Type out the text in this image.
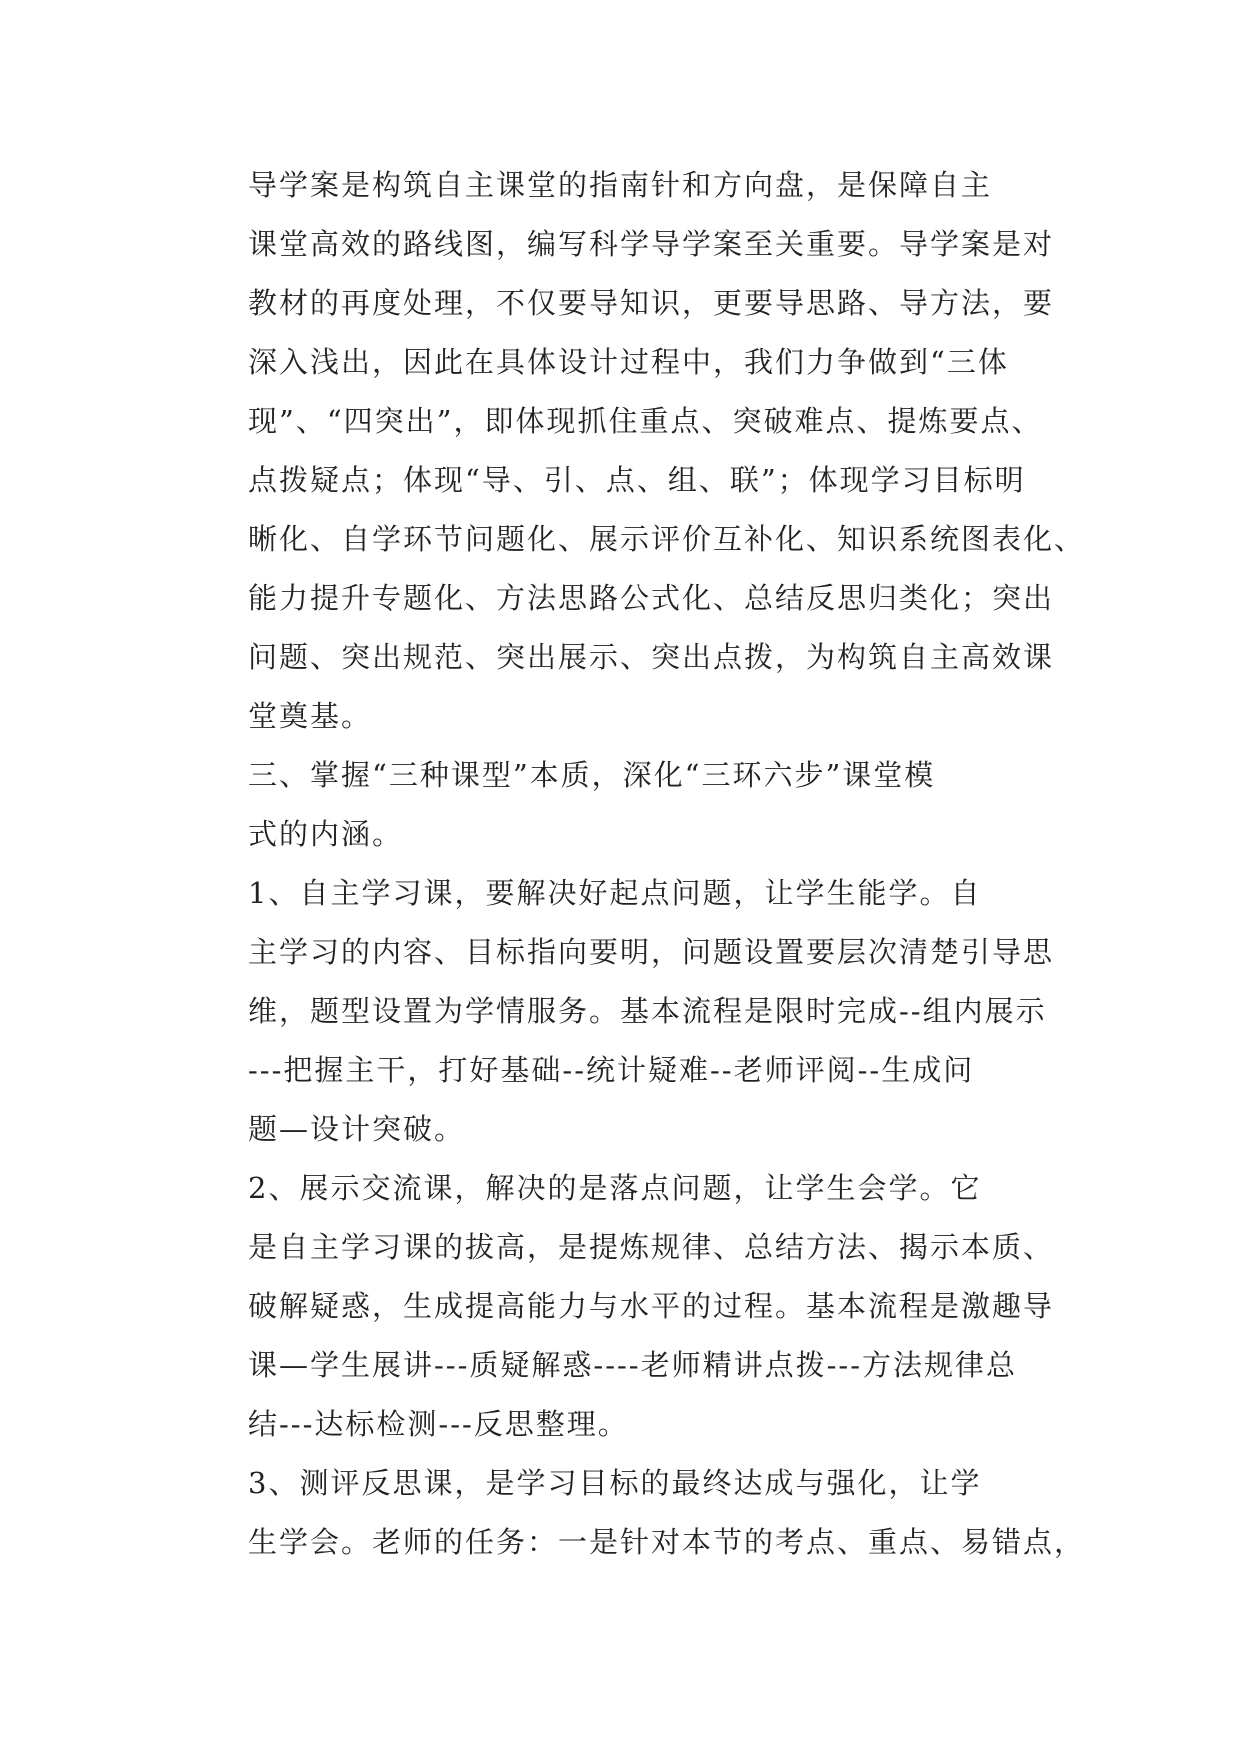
导学案是构筑自主课堂的指南针和方向盘，是保障自主
课堂高效的路线图，编写科学导学案至关重要。导学案是对
教材的再度处理，不仅要导知识，更要导思路、导方法，要
深入浅出，因此在具体设计过程中，我们力争做到“三体
现”、“四突出”，即体现抓住重点、突破难点、提炼要点、
点拨疑点；体现“导、引、点、组、联”；体现学习目标明
晰化、自学环节问题化、展示评价互补化、知识系统图表化、
能力提升专题化、方法思路公式化、总结反思归类化；突出
问题、突出规范、突出展示、突出点拨，为构筑自主高效课
堂奠基。

三、掌握“三种课型”本质，深化“三环六步”课堂模
式的内涵。

1、自主学习课，要解决好起点问题，让学生能学。自
主学习的内容、目标指向要明，问题设置要层次清楚引导思
维，题型设置为学情服务。基本流程是限时完成--组内展示
---把握主干，打好基础--统计疑难--老师评阅--生成问
题—设计突破。

2、展示交流课，解决的是落点问题，让学生会学。它
是自主学习课的拔高，是提炼规律、总结方法、揭示本质、
破解疑惑，生成提高能力与水平的过程。基本流程是激趣导
课—学生展讲---质疑解惑----老师精讲点拨---方法规律总
结---达标检测---反思整理。

3、测评反思课，是学习目标的最终达成与强化，让学
生学会。老师的任务：一是针对本节的考点、重点、易错点，
